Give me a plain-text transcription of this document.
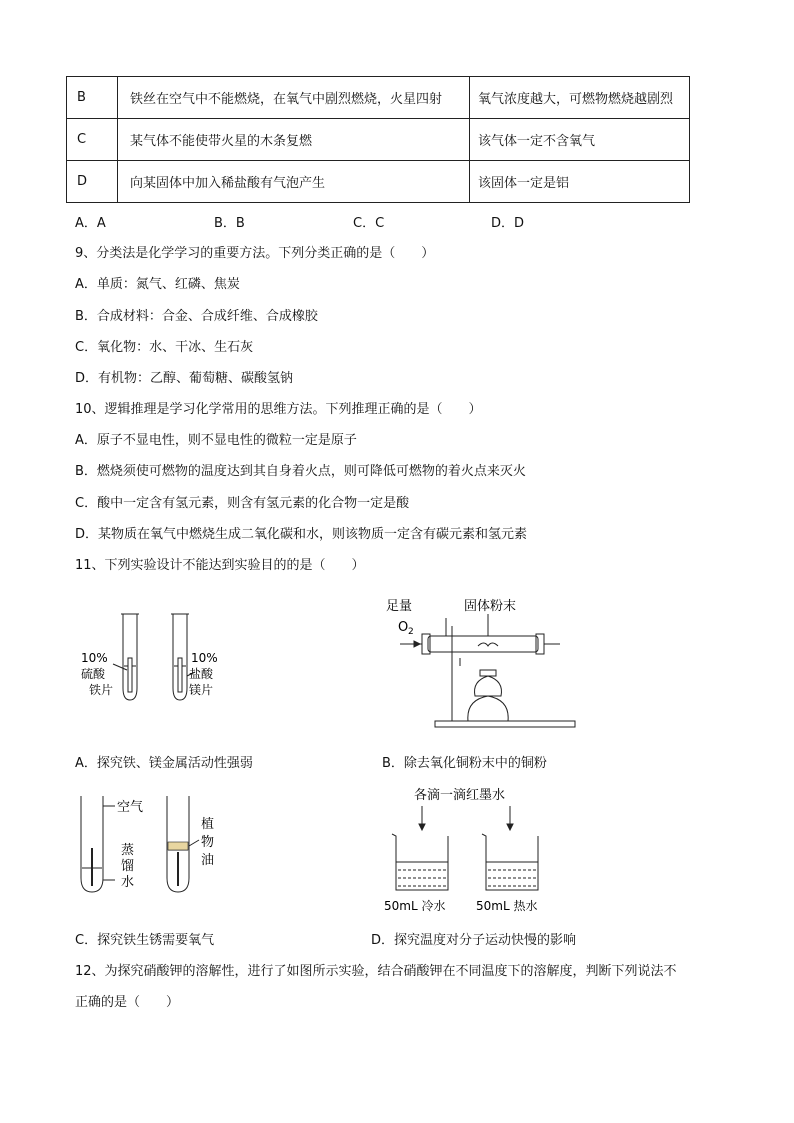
B	铁丝在空气中不能燃烧，在氧气中剧烈燃烧，火星四射	氧气浓度越大，可燃物燃烧越剧烈
C	某气体不能使带火星的木条复燃	该气体一定不含氧气
D	向某固体中加入稀盐酸有气泡产生	该固体一定是铝
A．A	B．B	C．C	D．D
9、分类法是化学学习的重要方法。下列分类正确的是（　　）
A．单质：氮气、红磷、焦炭
B．合成材料：合金、合成纤维、合成橡胶
C．氧化物：水、干冰、生石灰
D．有机物：乙醇、葡萄糖、碳酸氢钠
10、逻辑推理是学习化学常用的思维方法。下列推理正确的是（　　）
A．原子不显电性，则不显电性的微粒一定是原子
B．燃烧须使可燃物的温度达到其自身着火点，则可降低可燃物的着火点来灭火
C．酸中一定含有氢元素，则含有氢元素的化合物一定是酸
D．某物质在氧气中燃烧生成二氧化碳和水，则该物质一定含有碳元素和氢元素
11、下列实验设计不能达到实验目的的是（　　）
10%
硫酸
铁片
10%
盐酸
镁片
足量
O 2
固体粉末
A．探究铁、镁金属活动性强弱	B．除去氧化铜粉末中的铜粉
空气
蒸
馏
水
植
物
油
各滴一滴红墨水
50mL 冷水	50mL 热水
C．探究铁生锈需要氧气	D．探究温度对分子运动快慢的影响
12、为探究硝酸钾的溶解性，进行了如图所示实验，结合硝酸钾在不同温度下的溶解度，判断下列说法不
正确的是（　　）
